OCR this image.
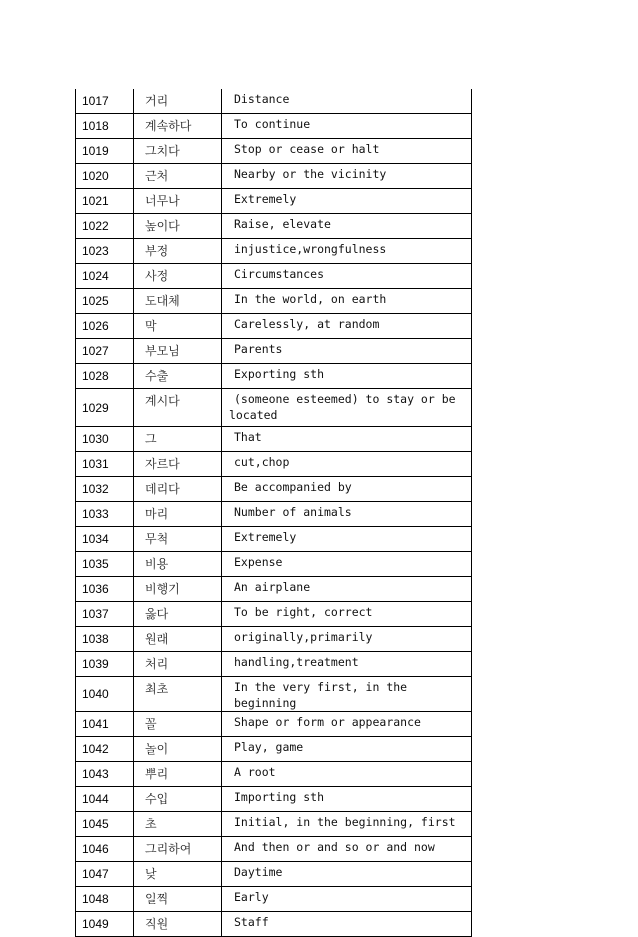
1017	거리	Distance
1018	계속하다	To continue
1019	그치다	Stop or cease or halt
1020	근처	Nearby or the vicinity
1021	너무나	Extremely
1022	높이다	Raise, elevate
1023	부정	injustice,wrongfulness
1024	사정	Circumstances
1025	도대체	In the world, on earth
1026	막	Carelessly, at random
1027	부모님	Parents
1028	수출	Exporting sth
1029	계시다	(someone esteemed) to stay or be located
1030	그	That
1031	자르다	cut,chop
1032	데리다	Be accompanied by
1033	마리	Number of animals
1034	무척	Extremely
1035	비용	Expense
1036	비행기	An airplane
1037	옳다	To be right, correct
1038	원래	originally,primarily
1039	처리	handling,treatment
1040	최초	In the very first, in the beginning
1041	꼴	Shape or form or appearance
1042	놀이	Play, game
1043	뿌리	A root
1044	수입	Importing sth
1045	초	Initial, in the beginning, first
1046	그리하여	And then or and so or and now
1047	낮	Daytime
1048	일찍	Early
1049	직원	Staff
